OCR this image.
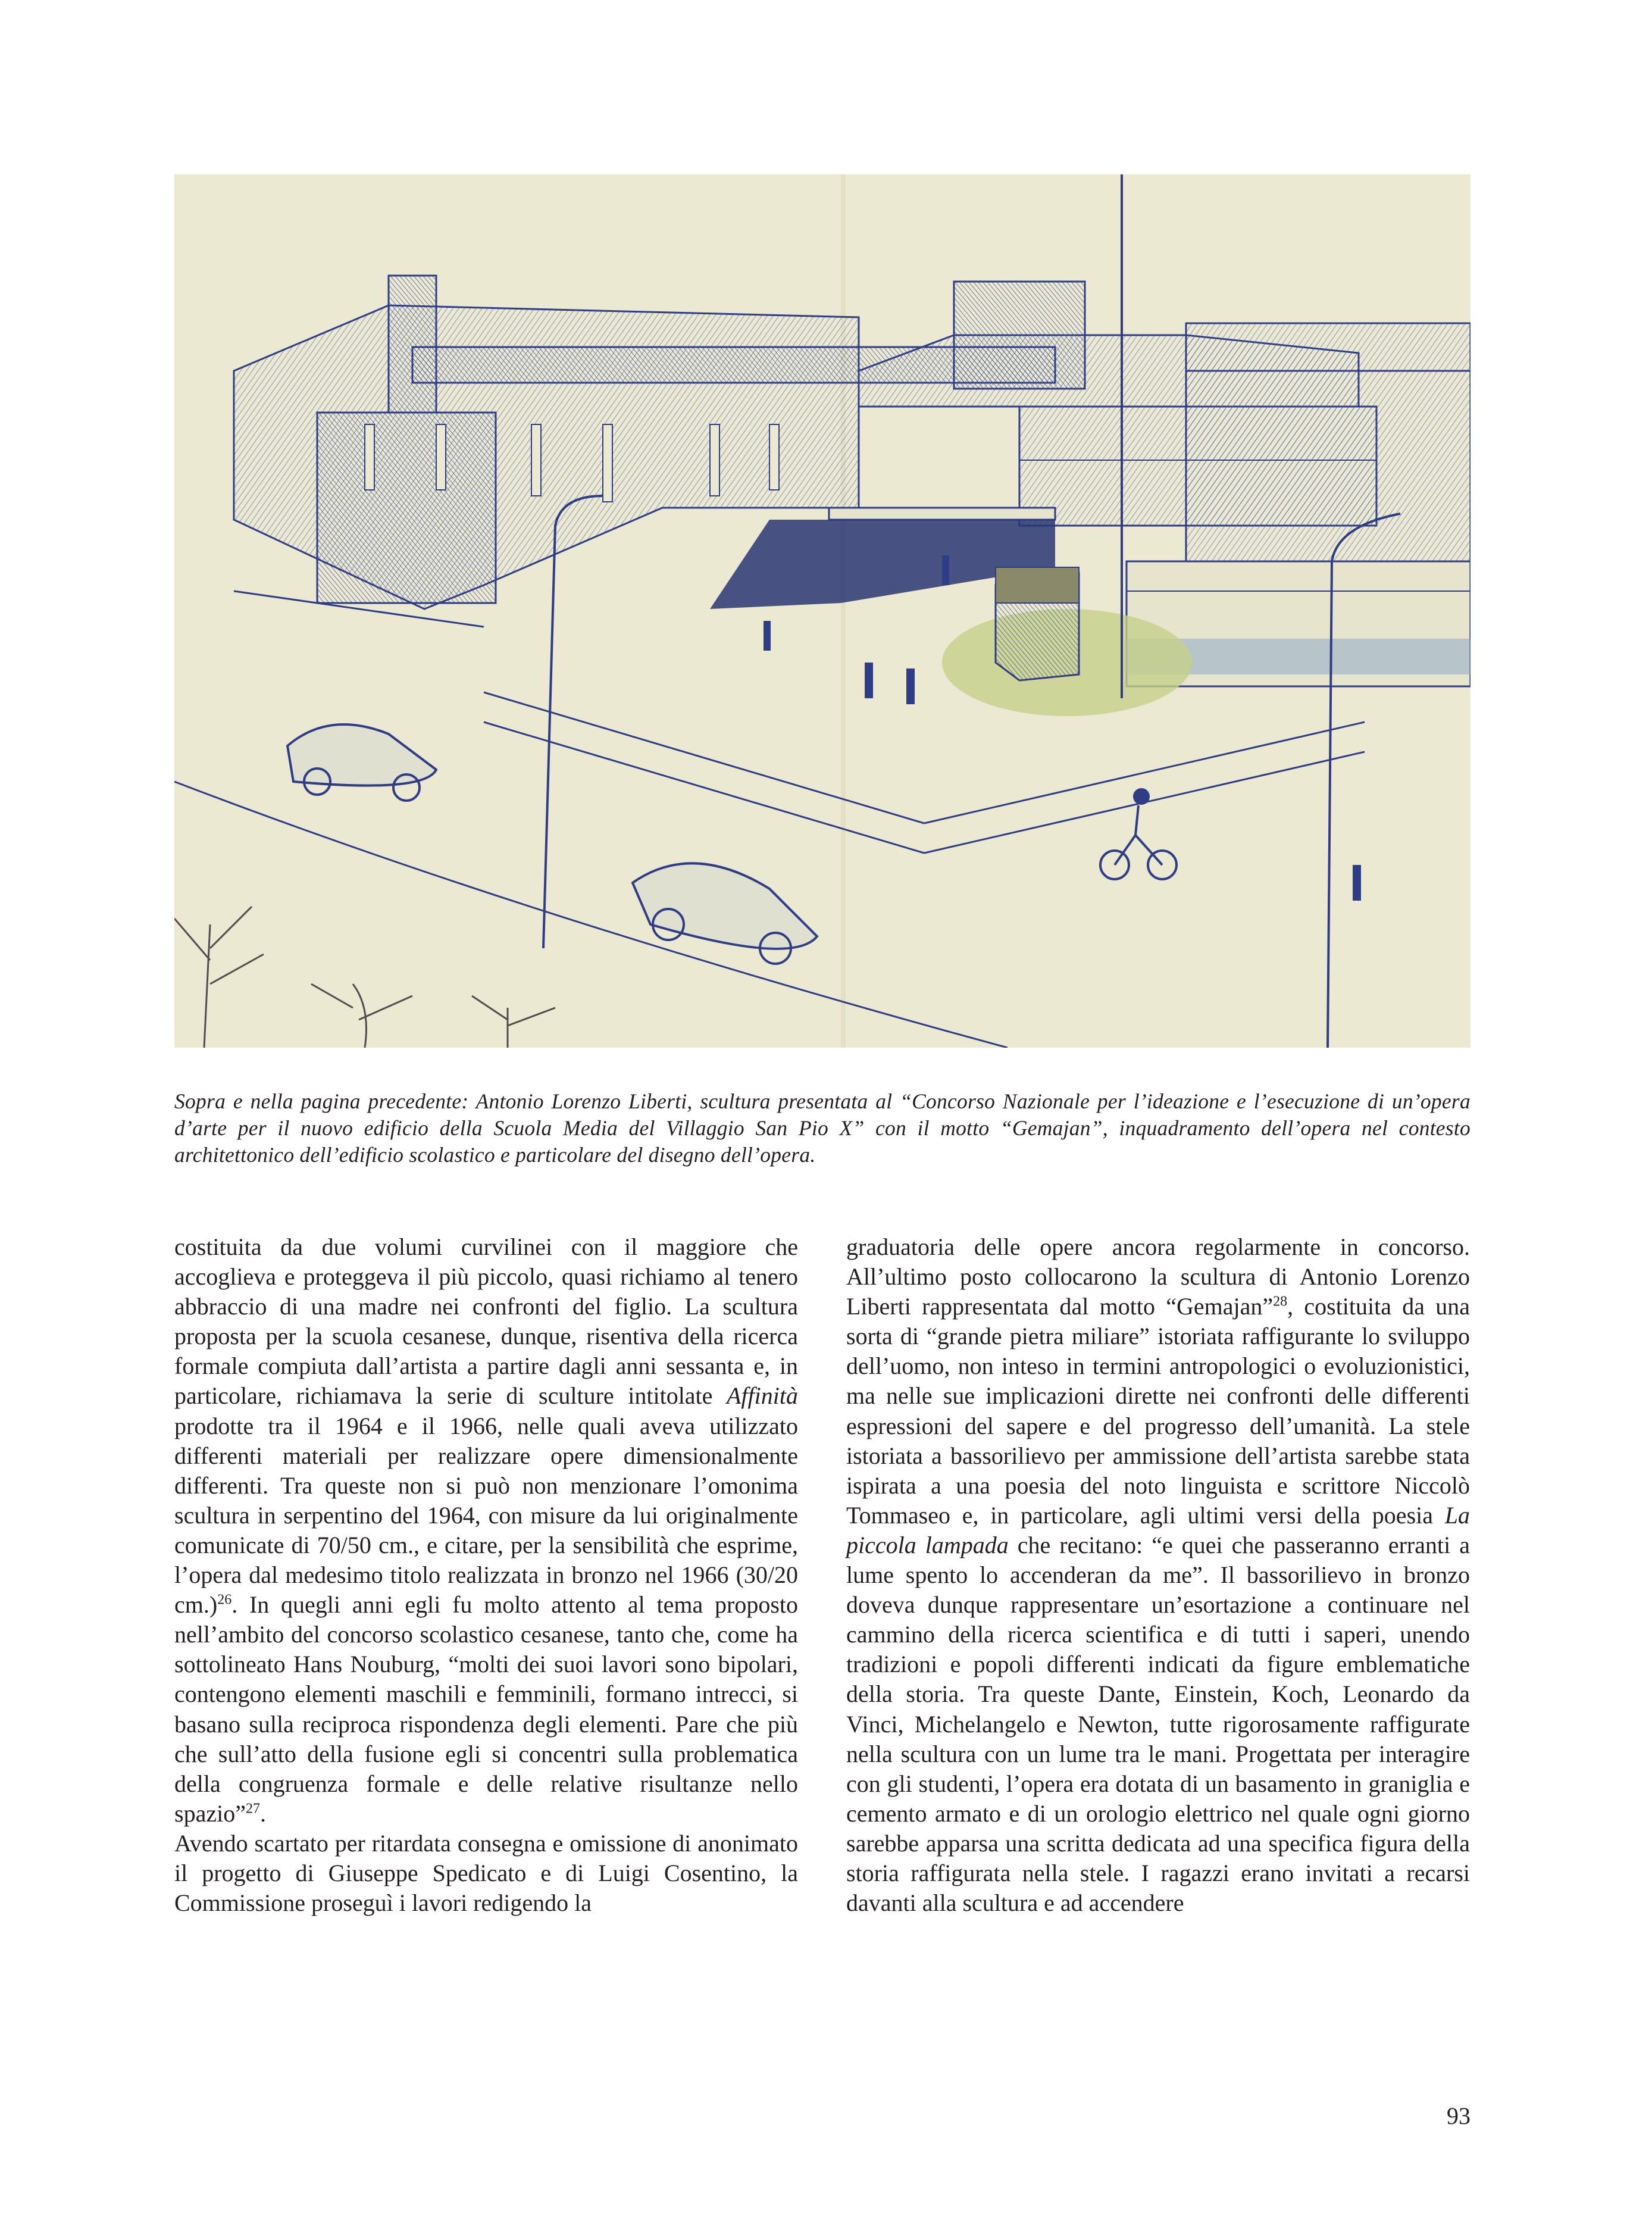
Sopra e nella pagina precedente: Antonio Lorenzo Liberti, scultura presentata al “Concorso Nazionale per l’ideazione e l’esecuzione di un’opera d’arte per il nuovo edificio della Scuola Media del Villaggio San Pio X” con il motto “Gemajan”, inquadramento dell’opera nel contesto architettonico dell’edificio scolastico e particolare del disegno dell’opera.

costituita da due volumi curvilinei con il maggiore che accoglieva e proteggeva il più piccolo, quasi richiamo al tenero abbraccio di una madre nei confronti del figlio. La scultura proposta per la scuola cesanese, dunque, risentiva della ricerca formale compiuta dall’artista a partire dagli anni sessanta e, in particolare, richiamava la serie di sculture intitolate Affinità prodotte tra il 1964 e il 1966, nelle quali aveva utilizzato differenti materiali per realizzare opere dimensionalmente differenti. Tra queste non si può non menzionare l’omonima scultura in serpentino del 1964, con misure da lui originalmente comunicate di 70/50 cm., e citare, per la sensibilità che esprime, l’opera dal medesimo titolo realizzata in bronzo nel 1966 (30/20 cm.)$^{26}$. In quegli anni egli fu molto attento al tema proposto nell’ambito del concorso scolastico cesanese, tanto che, come ha sottolineato Hans Nouburg, “molti dei suoi lavori sono bipolari, contengono elementi maschili e femminili, formano intrecci, si basano sulla reciproca rispondenza degli elementi. Pare che più che sull’atto della fusione egli si concentri sulla problematica della congruenza formale e delle relative risultanze nello spazio”$^{27}$.

Avendo scartato per ritardata consegna e omissione di anonimato il progetto di Giuseppe Spedicato e di Luigi Cosentino, la Commissione proseguì i lavori redigendo la

graduatoria delle opere ancora regolarmente in concorso. All’ultimo posto collocarono la scultura di Antonio Lorenzo Liberti rappresentata dal motto “Gemajan”$^{28}$, costituita da una sorta di “grande pietra miliare” istoriata raffigurante lo sviluppo dell’uomo, non inteso in termini antropologici o evoluzionistici, ma nelle sue implicazioni dirette nei confronti delle differenti espressioni del sapere e del progresso dell’umanità. La stele istoriata a bassorilievo per ammissione dell’artista sarebbe stata ispirata a una poesia del noto linguista e scrittore Niccolò Tommaseo e, in particolare, agli ultimi versi della poesia La piccola lampada che recitano: “e quei che passeranno erranti a lume spento lo accenderan da me”. Il bassorilievo in bronzo doveva dunque rappresentare un’esortazione a continuare nel cammino della ricerca scientifica e di tutti i saperi, unendo tradizioni e popoli differenti indicati da figure emblematiche della storia. Tra queste Dante, Einstein, Koch, Leonardo da Vinci, Michelangelo e Newton, tutte rigorosamente raffigurate nella scultura con un lume tra le mani. Progettata per interagire con gli studenti, l’opera era dotata di un basamento in graniglia e cemento armato e di un orologio elettrico nel quale ogni giorno sarebbe apparsa una scritta dedicata ad una specifica figura della storia raffigurata nella stele. I ragazzi erano invitati a recarsi davanti alla scultura e ad accendere

93
